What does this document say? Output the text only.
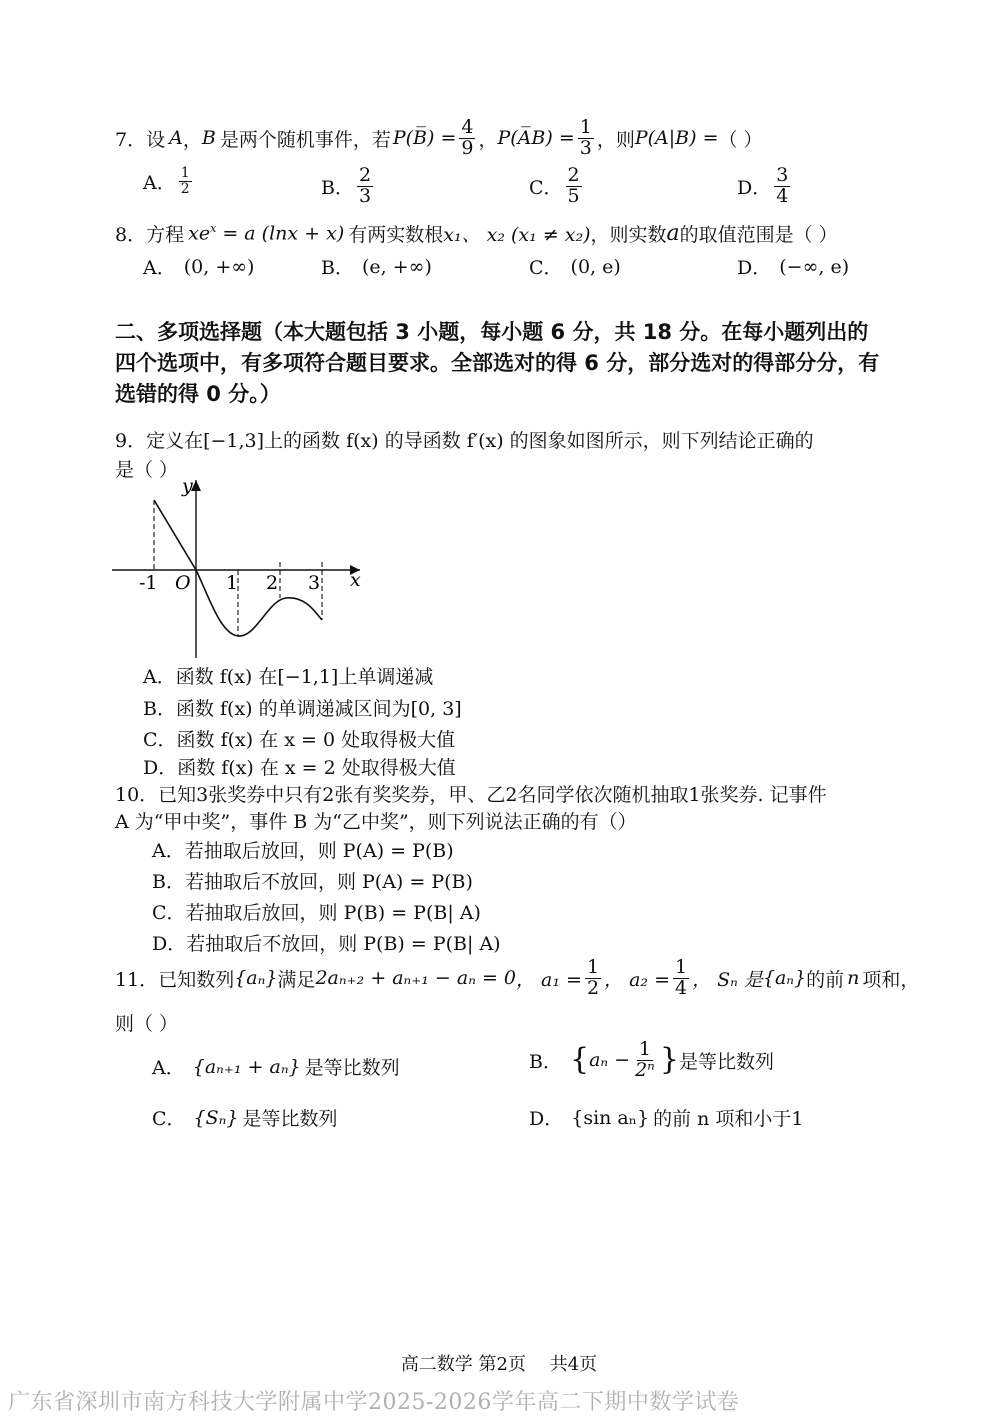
7． 设 A ， B 是两个随机事件，若 P(B̅) = $\frac{4}{9}$ ， P(A̅B) = $\frac{1}{3}$ ，则 P(A|B) = （ ）
A． $\frac{1}{2}$	B． $\frac{2}{3}$	C． $\frac{2}{5}$	D． $\frac{3}{4}$
8． 方程 $xe^x = a$ (lnx + x) 有两实数根 x₁、 x₂ (x₁ ≠ x₂) ，则实数 a 的取值范围是（ ）
A． (0, +∞)	B． (e, +∞)	C． (0, e)	D． (−∞, e)
二、多项选择题（本大题包括 3 小题，每小题 6 分，共 18 分。在每小题列出的四个选项中，有多项符合题目要求。全部选对的得 6 分，部分选对的得部分分，有选错的得 0 分。）
9．定义在[−1,3]上的函数 f(x) 的导函数 f′(x) 的图象如图所示，则下列结论正确的
是（ ）
y
x
O
-1	1 2 3
A．函数 f(x) 在[−1,1]上单调递减
B．函数 f(x) 的单调递减区间为[0, 3]
C．函数 f(x) 在 x = 0 处取得极大值
D．函数 f(x) 在 x = 2 处取得极大值
10．已知3张奖券中只有2张有奖奖券，甲、乙2名同学依次随机抽取1张奖券. 记事件
A 为“甲中奖”，事件 B 为“乙中奖”，则下列说法正确的有（）
A．若抽取后放回，则 P(A) = P(B)
B．若抽取后不放回，则 P(A) = P(B)
C．若抽取后放回，则 P(B) = P(B| A)
D．若抽取后不放回，则 P(B) = P(B| A)
11． 已知数列 {aₙ} 满足 2aₙ₊₂ + aₙ₊₁ − aₙ = 0 ， $a_1 = \frac{1}{2}$ ， $a_2 = \frac{1}{4}$ ， Sₙ 是 {aₙ} 的前 n 项和，
则（ ）
A． {aₙ₊₁ + aₙ} 是等比数列	B． { $a_n - \frac{1}{\text{2ⁿ}}$ } 是等比数列
C． {Sₙ} 是等比数列	D． {sin aₙ} 的前 n 项和小于1
高二数学 第2页　 共4页
广东省深圳市南方科技大学附属中学2025-2026学年高二下期中数学试卷
